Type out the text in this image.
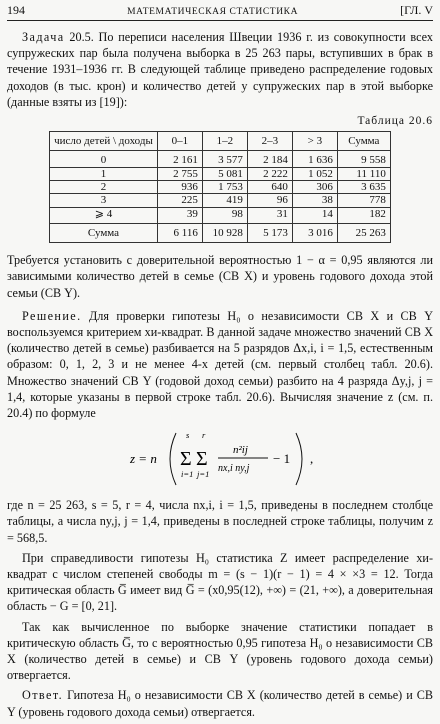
194	МАТЕМАТИЧЕСКАЯ СТАТИСТИКА	[ГЛ. V

Задача 20.5. По переписи населения Швеции 1936 г. из совокупности всех супружеских пар была получена выборка в 25 263 пары, вступивших в брак в течение 1931–1936 гг. В следующей таблице приведено распределение годовых доходов (в тыс. крон) и количество детей у супружеских пар в этой выборке (данные взяты из [19]):

Таблица 20.6
число детей \ доходы	0–1	1–2	2–3	> 3	Сумма
0	2 161	3 577	2 184	1 636	9 558
1	2 755	5 081	2 222	1 052	11 110
2	936	1 753	640	306	3 635
3	225	419	96	38	778
⩾ 4	39	98	31	14	182
Сумма	6 116	10 928	5 173	3 016	25 263

Требуется установить с доверительной вероятностью 1 − α = 0,95 являются ли зависимыми количество детей в семье (СВ X) и уровень годового дохода этой семьи (СВ Y).

Решение. Для проверки гипотезы H₀ о независимости СВ X и СВ Y воспользуемся критерием хи-квадрат. В данной задаче множество значений СВ X (количество детей в семье) разбивается на 5 разрядов Δx,i, i = 1,5, естественным образом: 0, 1, 2, 3 и не менее 4-х детей (см. первый столбец табл. 20.6). Множество значений СВ Y (годовой доход семьи) разбито на 4 разряда Δy,j, j = 1,4, которые указаны в первой строке табл. 20.6). Вычисляя значение z (см. п. 20.4) по формуле

z = n
s
Σ
i=1
r
Σ
j=1
n²ij
nx,i ny,j
− 1 ,

где n = 25 263, s = 5, r = 4, числа nx,i, i = 1,5, приведены в последнем столбце таблицы, а числа ny,j, j = 1,4, приведены в последней строке таблицы, получим z = 568,5.

При справедливости гипотезы H₀ статистика Z имеет распределение хи-квадрат с числом степеней свободы m = (s − 1)(r − 1) = 4 × ×3 = 12. Тогда критическая область G̅ имеет вид G̅ = (x0,95(12), +∞) = (21, +∞), а доверительная область − G = [0, 21].

Так как вычисленное по выборке значение статистики попадает в критическую область G̅, то с вероятностью 0,95 гипотеза H₀ о независимости СВ X (количество детей в семье) и СВ Y (уровень годового дохода семьи) отвергается.

Ответ. Гипотеза H₀ о независимости СВ X (количество детей в семье) и СВ Y (уровень годового дохода семьи) отвергается.
